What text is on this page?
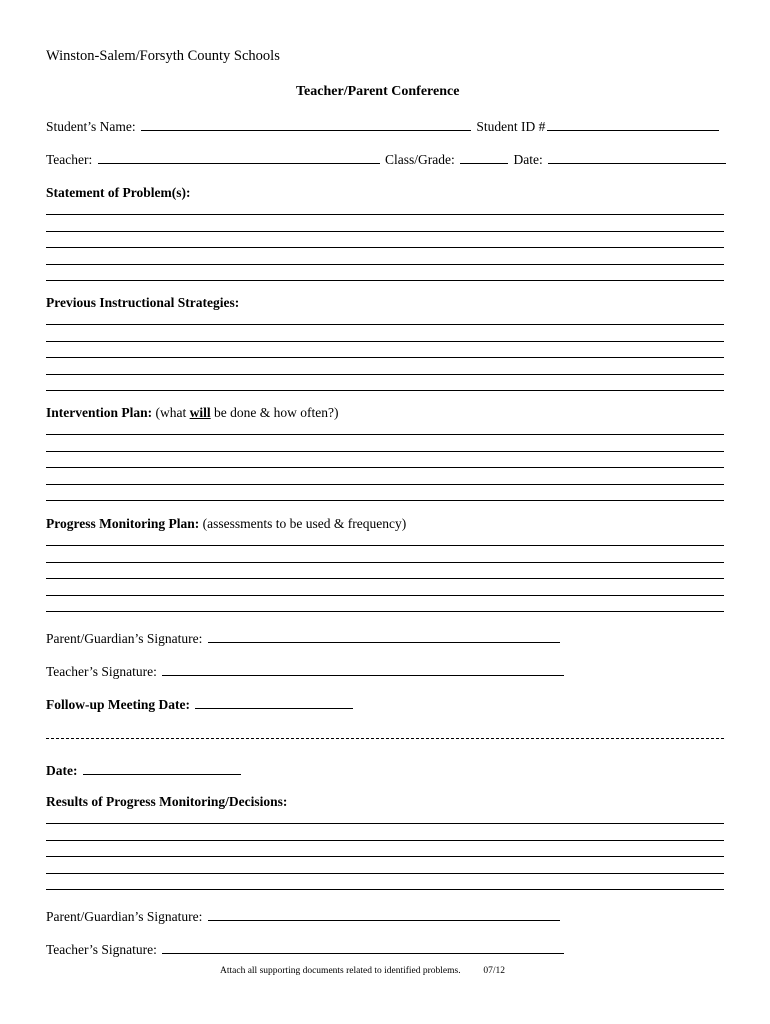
Winston-Salem/Forsyth County Schools
Teacher/Parent Conference
Student’s Name:	Student ID #
Teacher:	Class/Grade:	Date:
Statement of Problem(s):
Previous Instructional Strategies:
Intervention Plan: (what will be done & how often?)
Progress Monitoring Plan: (assessments to be used & frequency)
Parent/Guardian’s Signature:
Teacher’s Signature:
Follow-up Meeting Date:
Date:
Results of Progress Monitoring/Decisions:
Parent/Guardian’s Signature:
Teacher’s Signature:
Attach all supporting documents related to identified problems. 07/12
